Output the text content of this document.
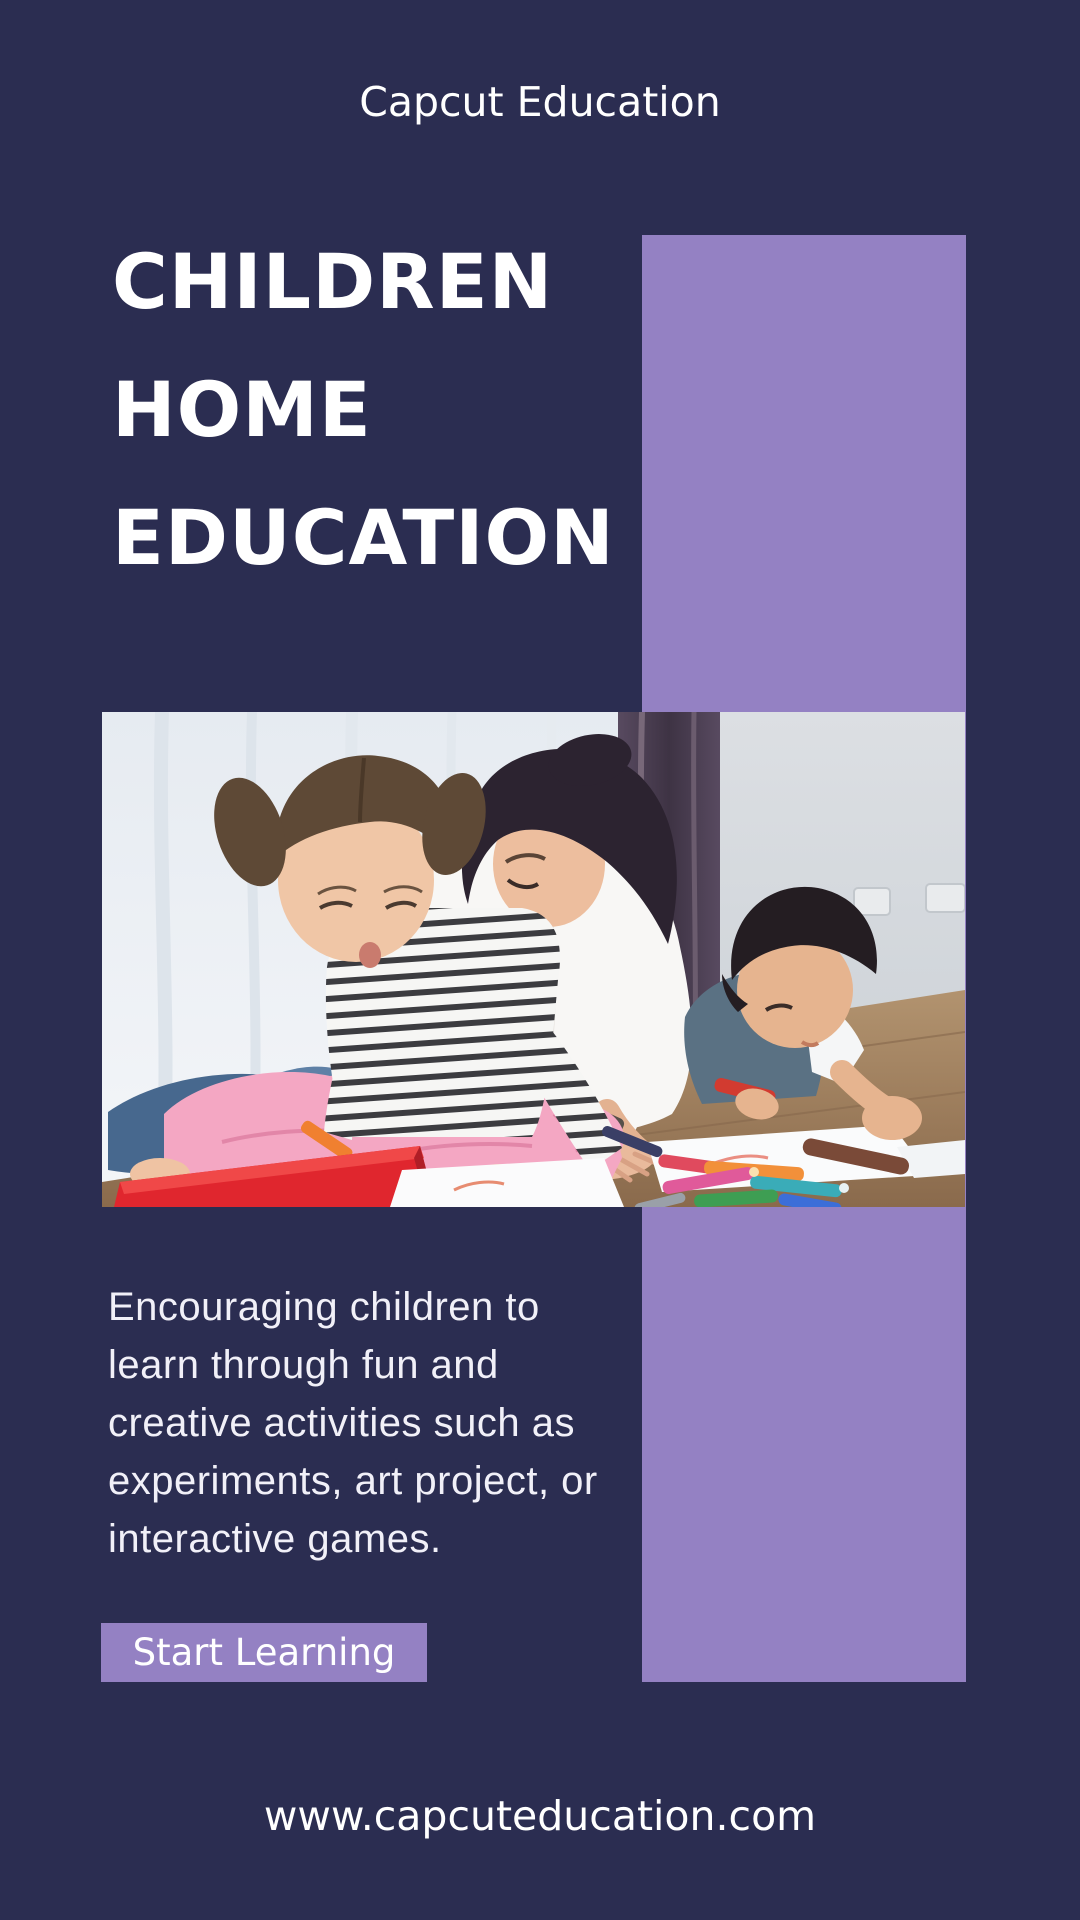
Capcut Education
CHILDREN
HOME
EDUCATION
Encouraging children to
learn through fun and
creative activities such as
experiments, art project, or
interactive games.
Start Learning
www.capcuteducation.com
